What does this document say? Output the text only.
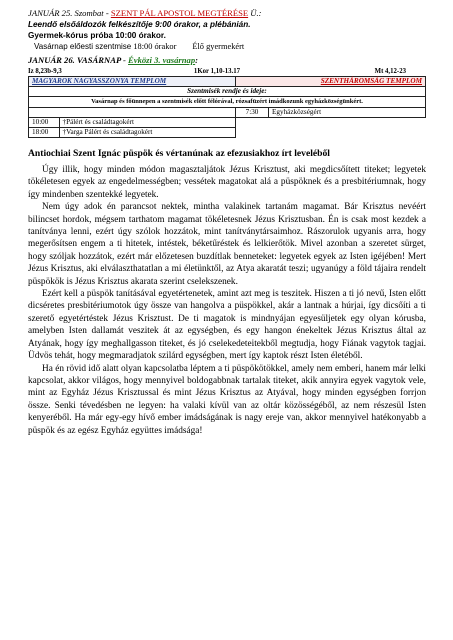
JANUÁR 25. Szombat - SZENT PÁL APOSTOL MEGTÉRÉSE Ü.:
Leendő elsőáldozók felkészítője 9:00 órakor, a plébánián.
Gyermek-kórus próba 10:00 órakor.
Vasárnap előesti szentmise 18:00 órakor Élő gyermekért
JANUÁR 26. VASÁRNAP - Évközi 3. vasárnap:
Iz 8,23b-9,3	1Kor 1,10-13.17	Mt 4,12-23
MAGYAROK NAGYASSZONYA TEMPLOM		SZENTHÁROMSÁG TEMPLOM	
Szentmisék rendje és ideje:			
Vasárnap és főünnepen a szentmisék előtt félórával, rózsafüzért imádkozunk egyházközségünkért.			
		7:30	Egyházközségért
10:00	†Pálért és családtagokért		
18:00	†Varga Pálért és családtagokért		
Antiochiai Szent Ignác püspök és vértanúnak az efezusiakhoz írt leveléből

Úgy illik, hogy minden módon magasztaljátok Jézus Krisztust, aki megdicsőített titeket; legyetek tökéletesen egyek az engedelmességben; vessétek magatokat alá a püspöknek és a presbitériumnak, hogy így mindenben szentekké legyetek.

Nem úgy adok én parancsot nektek, mintha valakinek tartanám magamat. Bár Krisztus nevéért bilincset hordok, mégsem tarthatom magamat tökéletesnek Jézus Krisztusban. Én is csak most kezdek a tanítványa lenni, ezért úgy szólok hozzátok, mint tanítványtársaimhoz. Rászorulok ugyanis arra, hogy megerősítsen engem a ti hitetek, intéstek, béketűréstek és lelkierőtök. Mivel azonban a szeretet sürget, hogy szóljak hozzátok, ezért már előzetesen buzdítlak benneteket: legyetek egyek az Isten igéjében! Mert Jézus Krisztus, aki elválaszthatatlan a mi életünktől, az Atya akaratát teszi; ugyanúgy a föld tájaira rendelt püspökök is Jézus Krisztus akarata szerint cselekszenek.

Ezért kell a püspök tanításával egyetértenetek, amint azt meg is teszitek. Hiszen a ti jó nevű, Isten előtt dicséretes presbitériumotok úgy össze van hangolva a püspökkel, akár a lantnak a húrjai, így dicsőíti a ti szerető egyetértéstek Jézus Krisztust. De ti magatok is mindnyájan egyesüljetek egy olyan kórusba, amelyben Isten dallamát veszitek át az egységben, és egy hangon énekeltek Jézus Krisztus által az Atyának, hogy így meghallgasson titeket, és jó cselekedeteitekből megtudja, hogy Fiának vagytok tagjai. Üdvös tehát, hogy megmaradjatok szilárd egységben, mert így kaptok részt Isten életéből.

Ha én rövid idő alatt olyan kapcsolatba léptem a ti püspökötökkel, amely nem emberi, hanem már lelki kapcsolat, akkor világos, hogy mennyivel boldogabbnak tartalak titeket, akik annyira egyek vagytok vele, mint az Egyház Jézus Krisztussal és mint Jézus Krisztus az Atyával, hogy minden egységben forrjon össze. Senki tévedésben ne legyen: ha valaki kívül van az oltár közösségéből, az nem részesül Isten kenyeréből. Ha már egy-egy hívő ember imádságának is nagy ereje van, akkor mennyivel hatékonyabb a püspök és az egész Egyház együttes imádsága!
